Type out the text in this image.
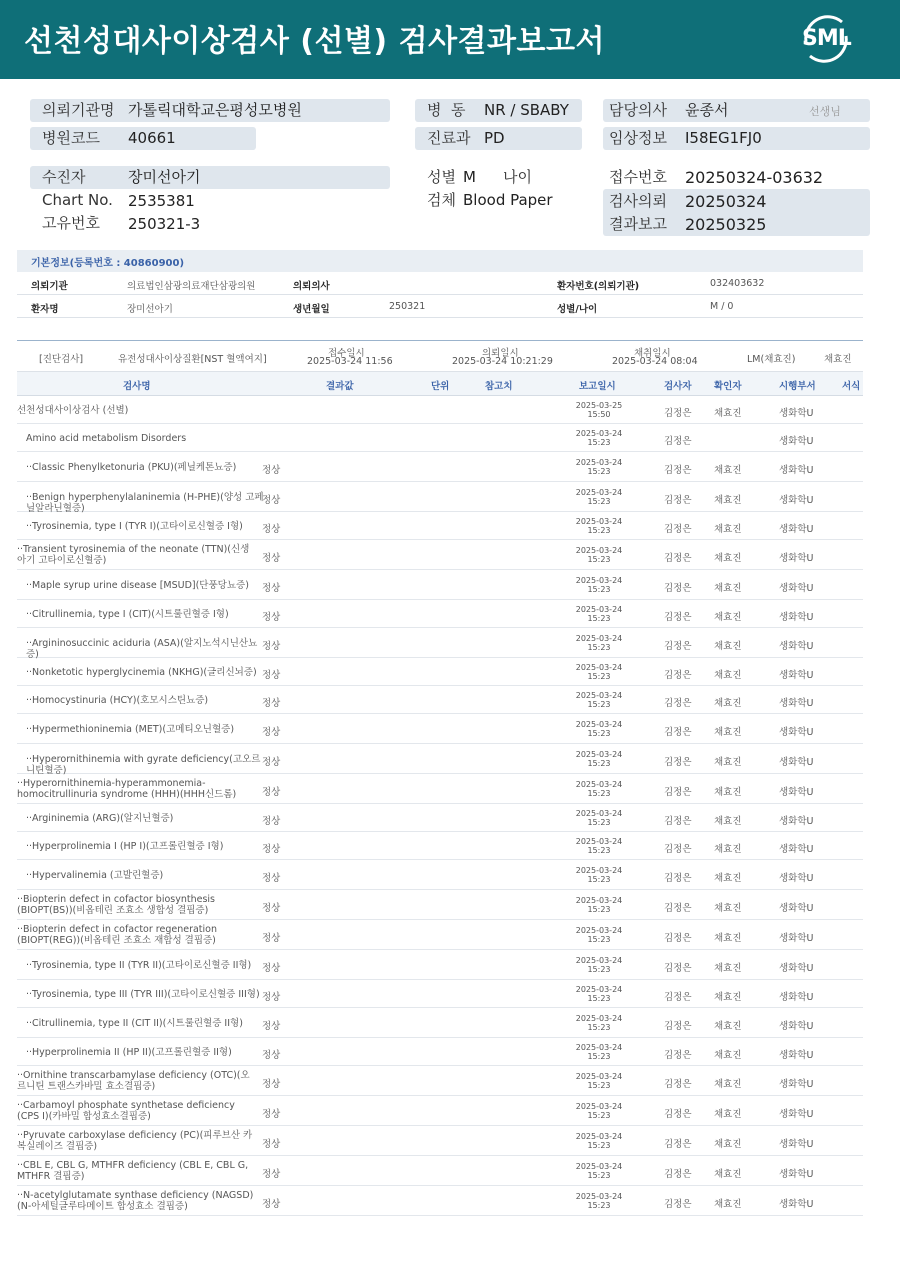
선천성대사이상검사 (선별) 검사결과보고서	SML
의뢰기관명 가톨릭대학교은평성모병원
병원코드 40661
병  동 NR / SBABY
진료과 PD
담당의사 윤종서	선생님
임상정보 I58EG1FJ0
수진자	장미선아기
Chart No. 2535381
고유번호 250321-3
성별 M 나이
검체 Blood Paper
접수번호 20250324-03632
검사의뢰 20250324
결과보고 20250325
기본정보(등록번호 : 40860900)
의뢰기관	의료법인삼광의료재단삼광의원	의뢰의사	환자번호(의뢰기관)	032403632
환자명	장미선아기	생년월일	250321	성별/나이	M / 0
[진단검사]	유전성대사이상질환[NST 혈액여지]
접수일시
2025-03-24 11:56
의뢰일시
2025-03-24 10:21:29
채취일시
2025-03-24 08:04	LM(채효진)	채효진
검사명	결과값	단위	참고치	보고일시	검사자 확인자	시행부서	서식
선천성대사이상검사 (선별)	2025-03-25
15:50	김정은 채효진	생화학U
Amino acid metabolism Disorders	2025-03-24
15:23	김정은	생화학U
··Classic Phenylketonuria (PKU)(페닐케톤뇨증)	정상
2025-03-24
15:23	김정은 채효진	생화학U
··Benign hyperphenylalaninemia (H-PHE)(양성 고페닐알라닌혈증)
정상
2025-03-24
15:23	김정은 채효진	생화학U
··Tyrosinemia, type I (TYR I)(고타이로신혈증 I형)	정상
2025-03-24
15:23	김정은 채효진	생화학U
··Transient tyrosinemia of the neonate (TTN)(신생아기 고타이로신혈증)	정상
2025-03-24
15:23	김정은 채효진	생화학U
··Maple syrup urine disease [MSUD](단풍당뇨증)	정상
2025-03-24
15:23	김정은 채효진	생화학U
··Citrullinemia, type I (CIT)(시트룰린혈증 I형)	정상
2025-03-24
15:23	김정은 채효진	생화학U
··Argininosuccinic aciduria (ASA)(알지노석시닌산뇨증)
정상
2025-03-24
15:23	김정은 채효진	생화학U
··Nonketotic hyperglycinemia (NKHG)(글리신뇌증) 정상
2025-03-24
15:23	김정은 채효진	생화학U
··Homocystinuria (HCY)(호모시스틴뇨증)	정상
2025-03-24
15:23	김정은 채효진	생화학U
··Hypermethioninemia (MET)(고메티오닌혈증)	정상
2025-03-24
15:23	김정은 채효진	생화학U
··Hyperornithinemia with gyrate deficiency(고오르니틴혈증)
정상
2025-03-24
15:23	김정은 채효진	생화학U
··Hyperornithinemia-hyperammonemia-homocitrullinuria syndrome (HHH)(HHH신드롬)	정상
2025-03-24
15:23	김정은 채효진	생화학U
··Argininemia (ARG)(알지닌혈증)	정상
2025-03-24
15:23	김정은 채효진	생화학U
··Hyperprolinemia I (HP I)(고프롤린혈증 I형)	정상
2025-03-24
15:23	김정은 채효진	생화학U
··Hypervalinemia (고발린혈증)	정상
2025-03-24
15:23	김정은 채효진	생화학U
··Biopterin defect in cofactor biosynthesis (BIOPT(BS))(비옵테린 조효소 생합성 결핍증)	정상
2025-03-24
15:23	김정은 채효진	생화학U
··Biopterin defect in cofactor regeneration (BIOPT(REG))(비옵테린 조효소 재합성 결핍증)	정상
2025-03-24
15:23	김정은 채효진	생화학U
··Tyrosinemia, type II (TYR II)(고타이로신혈증 II형)	정상
2025-03-24
15:23	김정은 채효진	생화학U
··Tyrosinemia, type III (TYR III)(고타이로신혈증 III형) 정상
2025-03-24
15:23	김정은 채효진	생화학U
··Citrullinemia, type II (CIT II)(시트룰린혈증 II형)	정상
2025-03-24
15:23	김정은 채효진	생화학U
··Hyperprolinemia II (HP II)(고프롤린혈증 II형)	정상
2025-03-24
15:23	김정은 채효진	생화학U
··Ornithine transcarbamylase deficiency (OTC)(오르니틴 트랜스카바밀 효소결핍증)	정상
2025-03-24
15:23	김정은 채효진	생화학U
··Carbamoyl phosphate synthetase deficiency (CPS I)(카바밀 합성효소결핍증)	정상
2025-03-24
15:23	김정은 채효진	생화학U
··Pyruvate carboxylase deficiency (PC)(피루브산 카복실레이즈 결핍증)	정상
2025-03-24
15:23	김정은 채효진	생화학U
··CBL E, CBL G, MTHFR deficiency (CBL E, CBL G, MTHFR 결핍증)	정상
2025-03-24
15:23	김정은 채효진	생화학U
··N-acetylglutamate synthase deficiency (NAGSD)(N-아세틸글루타메이트 합성효소 결핍증)	정상
2025-03-24
15:23	김정은 채효진	생화학U
